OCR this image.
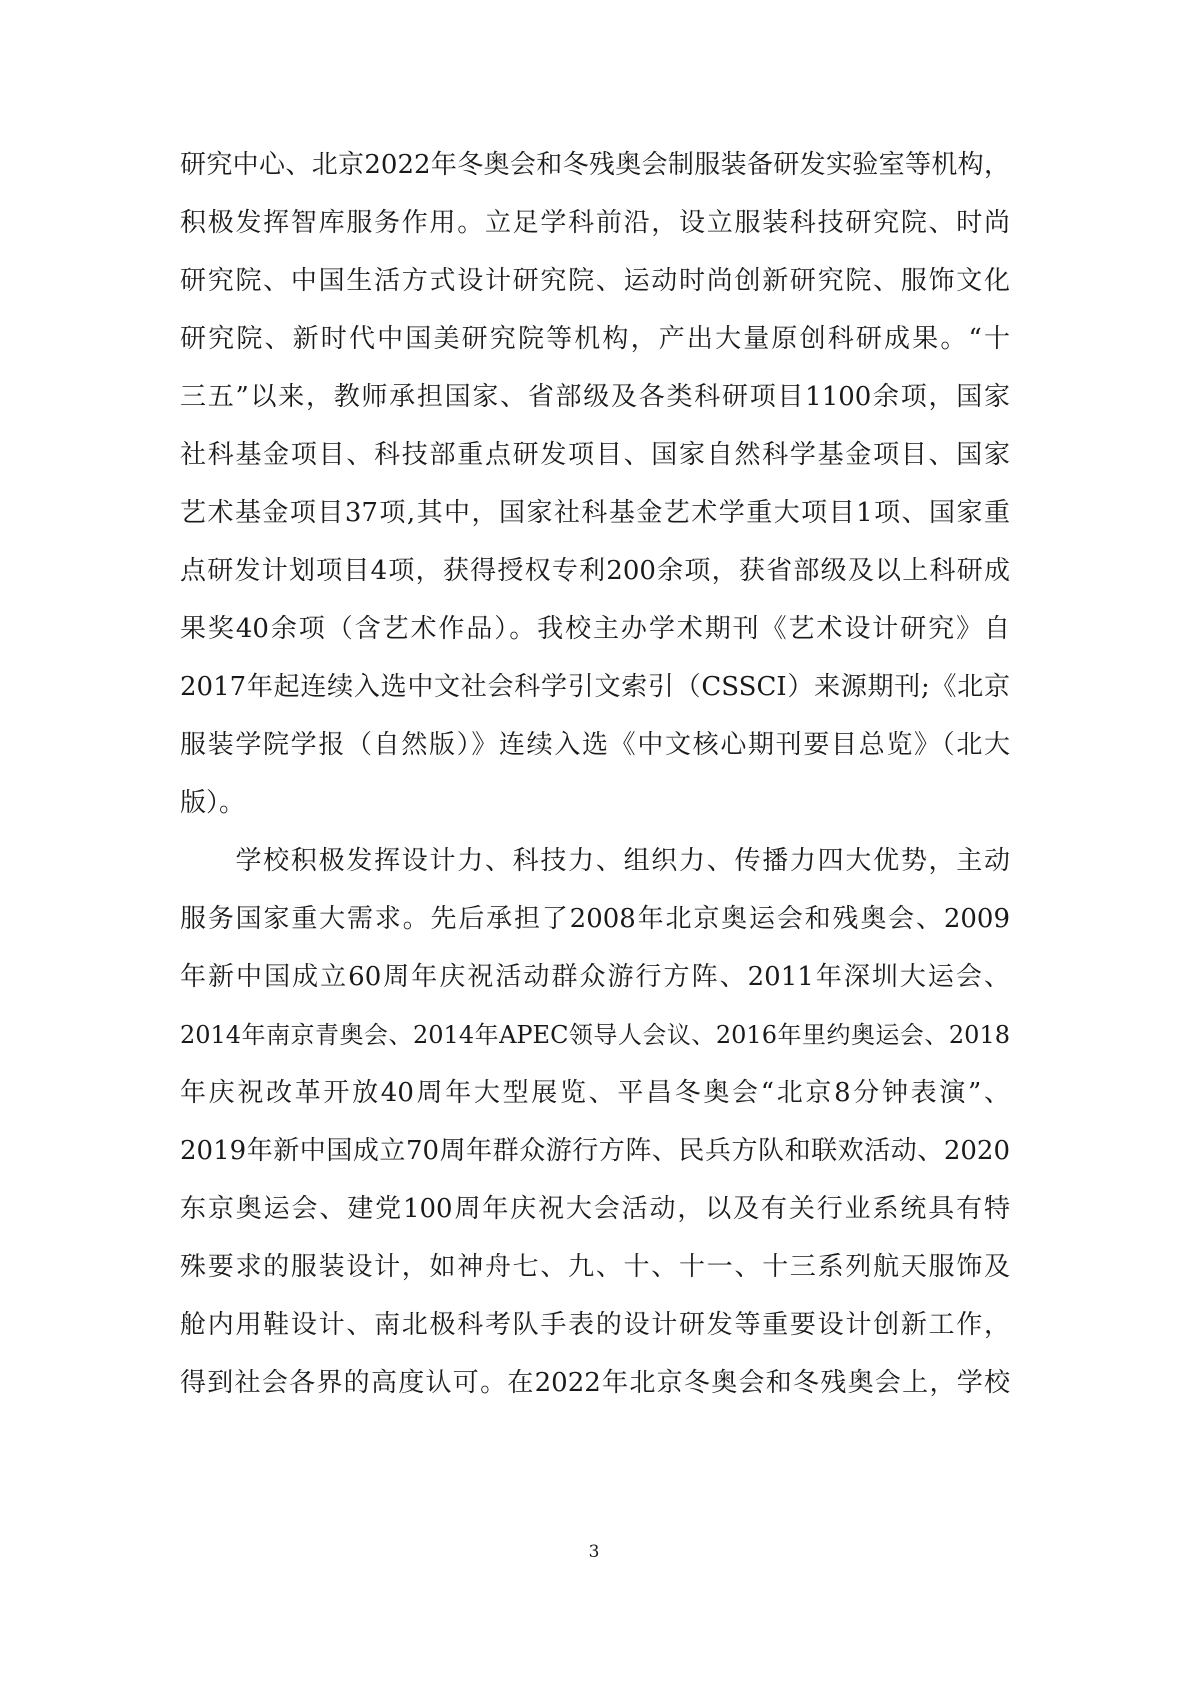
研究中心、北京2022年冬奥会和冬残奥会制服装备研发实验室等机构，
积极发挥智库服务作用。立足学科前沿，设立服装科技研究院、时尚
研究院、中国生活方式设计研究院、运动时尚创新研究院、服饰文化
研究院、新时代中国美研究院等机构，产出大量原创科研成果。“十
三五”以来，教师承担国家、省部级及各类科研项目1100余项，国家
社科基金项目、科技部重点研发项目、国家自然科学基金项目、国家
艺术基金项目37项,其中，国家社科基金艺术学重大项目1项、国家重
点研发计划项目4项，获得授权专利200余项，获省部级及以上科研成
果奖40余项（含艺术作品）。我校主办学术期刊《艺术设计研究》自
2017年起连续入选中文社会科学引文索引（CSSCI）来源期刊;《北京
服装学院学报（自然版）》连续入选《中文核心期刊要目总览》（北大
版）。
　　学校积极发挥设计力、科技力、组织力、传播力四大优势，主动
服务国家重大需求。先后承担了2008年北京奥运会和残奥会、2009
年新中国成立60周年庆祝活动群众游行方阵、2011年深圳大运会、
2014年南京青奥会、2014年APEC领导人会议、2016年里约奥运会、2018
年庆祝改革开放40周年大型展览、平昌冬奥会“北京8分钟表演”、
2019年新中国成立70周年群众游行方阵、民兵方队和联欢活动、2020
东京奥运会、建党100周年庆祝大会活动，以及有关行业系统具有特
殊要求的服装设计，如神舟七、九、十、十一、十三系列航天服饰及
舱内用鞋设计、南北极科考队手表的设计研发等重要设计创新工作，
得到社会各界的高度认可。在2022年北京冬奥会和冬残奥会上，学校
3
